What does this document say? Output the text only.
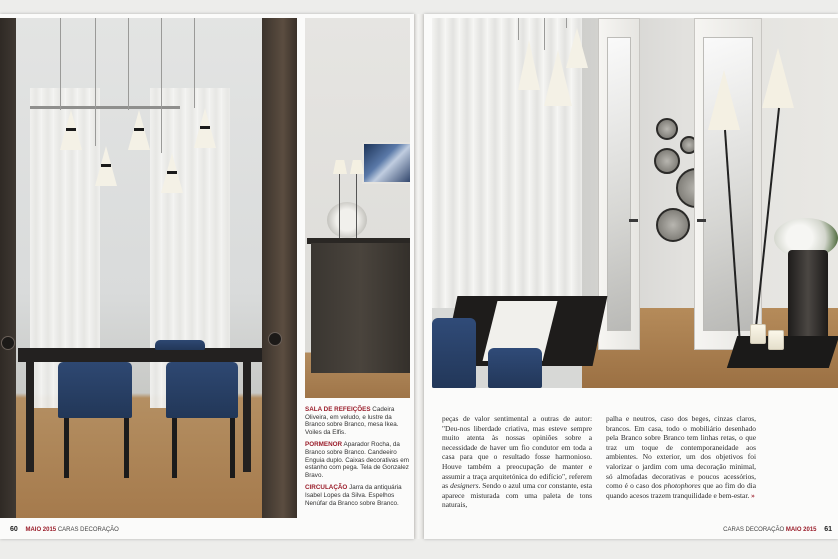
SALA DE REFEIÇÕES Cadeira Oliveira, em veludo, e lustre da Branco sobre Branco, mesa Ikea. Voiles da Elfis.

PORMENOR Aparador Rocha, da Branco sobre Branco. Candeeiro Enguia duplo. Caixas decorativas em estanho com pega. Tela de Gonzalez Bravo.

CIRCULAÇÃO Jarra da antiquária Isabel Lopes da Silva. Espelhos Nenúfar da Branco sobre Branco.

60 MAIO 2015 CARAS DECORAÇÃO
peças de valor sentimental a outras de autor: "Deu-nos liberdade criativa, mas esteve sempre muito atenta às nossas opiniões sobre a necessidade de haver um fio condutor em toda a casa para que o resultado fosse harmonioso. Houve também a preocupação de manter e assumir a traça arquitetónica do edifício", referem as designers. Sendo o azul uma cor constante, esta aparece misturada com uma paleta de tons naturais,
palha e neutros, caso dos beges, cinzas claros, brancos. Em casa, todo o mobiliário desenhado pela Branco sobre Branco tem linhas retas, o que traz um toque de contemporaneidade aos ambientes. No exterior, um dos objetivos foi valorizar o jardim com uma decoração minimal, só almofadas decorativas e poucos acessórios, como é o caso dos photophores que ao fim do dia quando acesos trazem tranquilidade e bem-estar. »
CARAS DECORAÇÃO MAIO 2015 61
